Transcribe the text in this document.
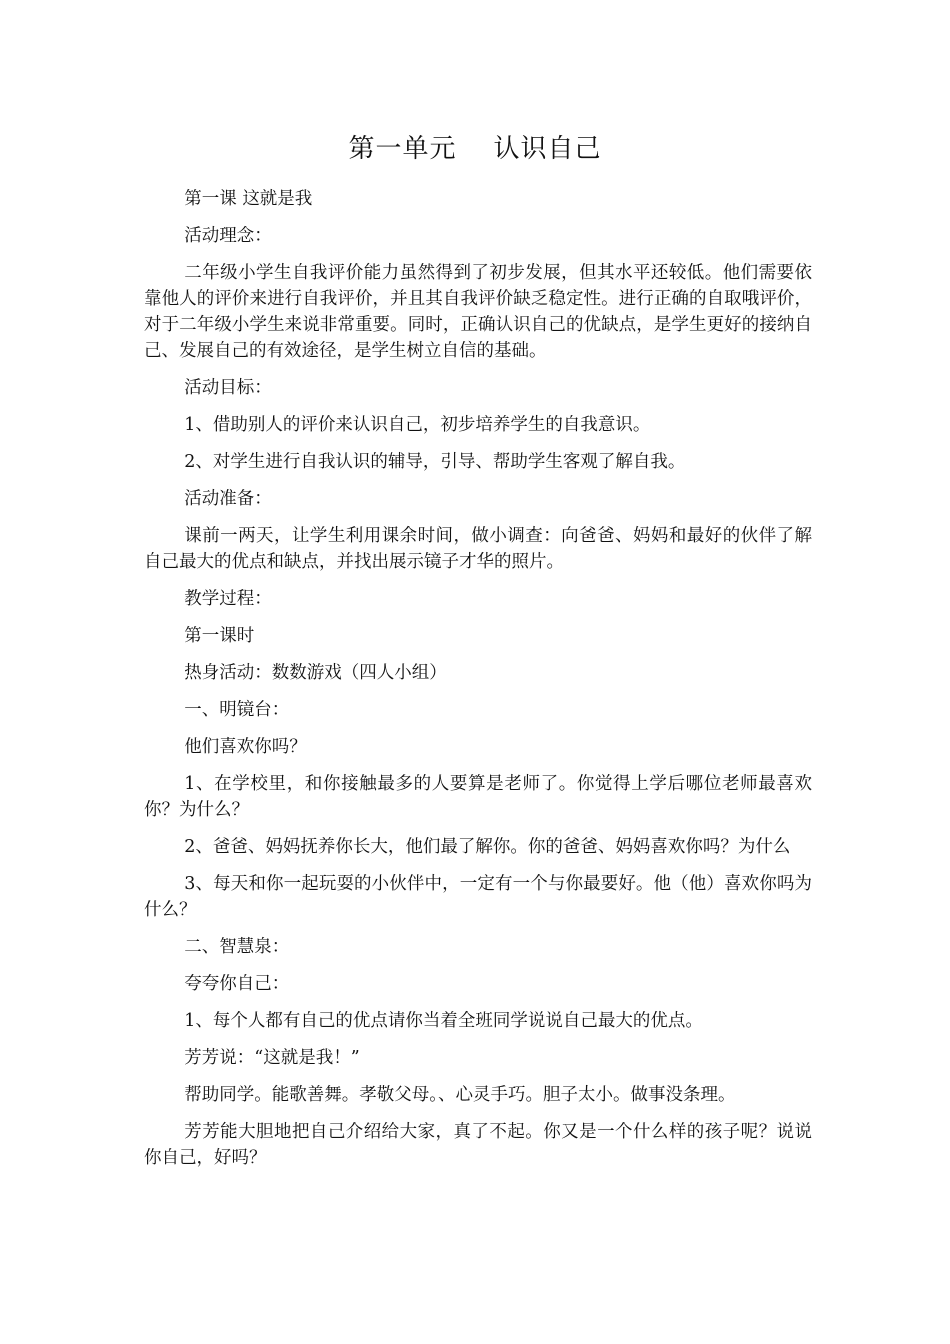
第一单元    认识自己

第一课 这就是我

活动理念：

二年级小学生自我评价能力虽然得到了初步发展，但其水平还较低。他们需要依靠他人的评价来进行自我评价，并且其自我评价缺乏稳定性。进行正确的自取哦评价，对于二年级小学生来说非常重要。同时，正确认识自己的优缺点，是学生更好的接纳自己、发展自己的有效途径，是学生树立自信的基础。

活动目标：

1、借助别人的评价来认识自己，初步培养学生的自我意识。

2、对学生进行自我认识的辅导，引导、帮助学生客观了解自我。

活动准备：

课前一两天，让学生利用课余时间，做小调查：向爸爸、妈妈和最好的伙伴了解自己最大的优点和缺点，并找出展示镜子才华的照片。

教学过程：

第一课时

热身活动：数数游戏（四人小组）

一、明镜台：

他们喜欢你吗？

1、在学校里，和你接触最多的人要算是老师了。你觉得上学后哪位老师最喜欢你？为什么？

2、爸爸、妈妈抚养你长大，他们最了解你。你的爸爸、妈妈喜欢你吗？为什么

3、每天和你一起玩耍的小伙伴中，一定有一个与你最要好。他（他）喜欢你吗为什么？

二、智慧泉：

夸夸你自己：

1、每个人都有自己的优点请你当着全班同学说说自己最大的优点。

芳芳说：“这就是我！”

帮助同学。能歌善舞。孝敬父母。、心灵手巧。胆子太小。做事没条理。

芳芳能大胆地把自己介绍给大家，真了不起。你又是一个什么样的孩子呢？说说你自己，好吗？
